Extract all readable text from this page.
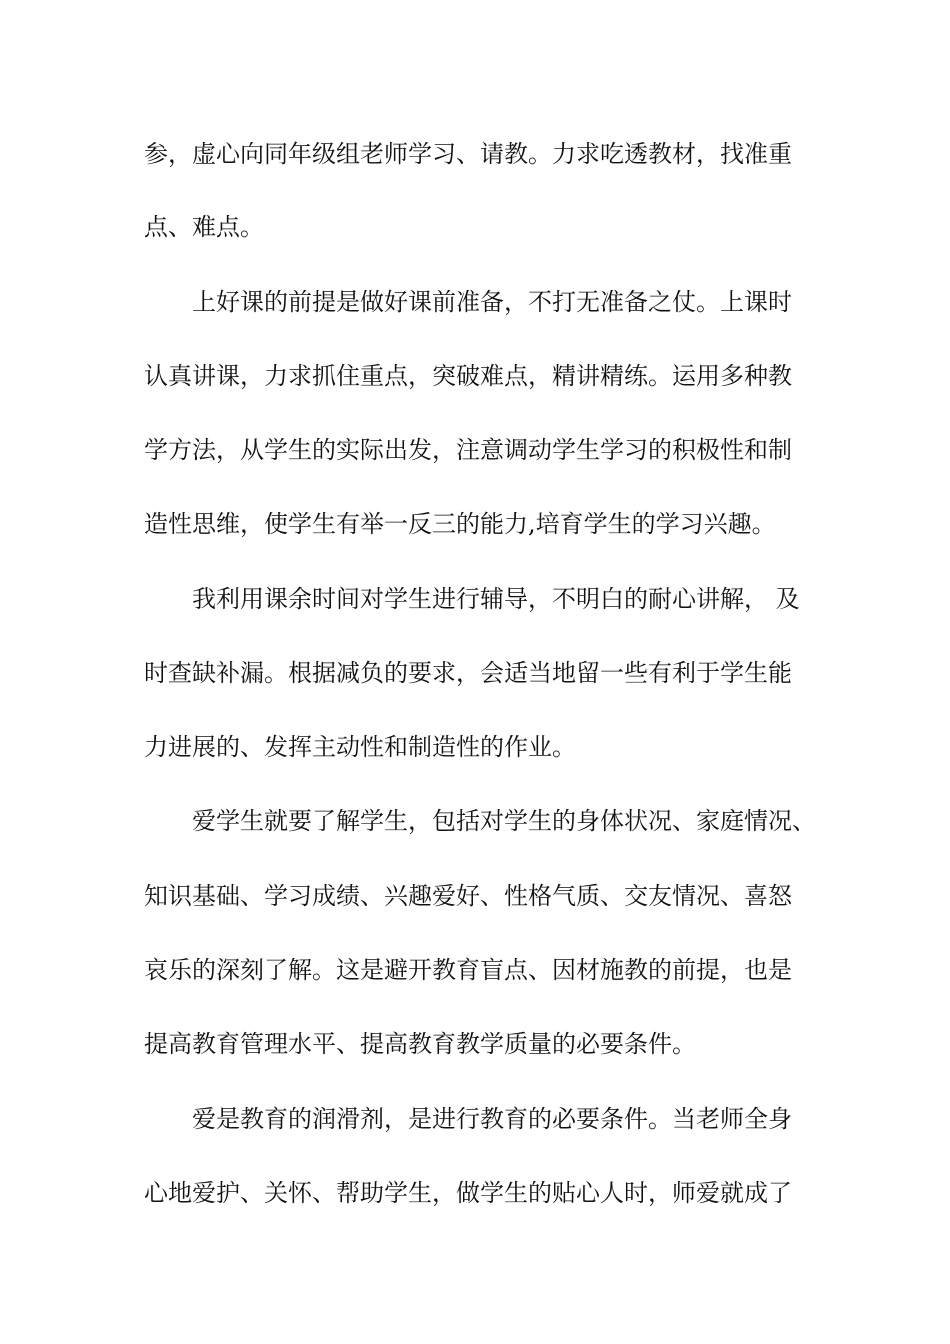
参，虚心向同年级组老师学习、请教。力求吃透教材，找准重
点、难点。
上好课的前提是做好课前准备，不打无准备之仗。上课时
认真讲课，力求抓住重点，突破难点，精讲精练。运用多种教
学方法，从学生的实际出发，注意调动学生学习的积极性和制
造性思维，使学生有举一反三的能力,培育学生的学习兴趣。
我利用课余时间对学生进行辅导，不明白的耐心讲解， 及
时查缺补漏。根据减负的要求，会适当地留一些有利于学生能
力进展的、发挥主动性和制造性的作业。
爱学生就要了解学生，包括对学生的身体状况、家庭情况、
知识基础、学习成绩、兴趣爱好、性格气质、交友情况、喜怒
哀乐的深刻了解。这是避开教育盲点、因材施教的前提，也是
提高教育管理水平、提高教育教学质量的必要条件。
爱是教育的润滑剂，是进行教育的必要条件。当老师全身
心地爱护、关怀、帮助学生，做学生的贴心人时，师爱就成了
